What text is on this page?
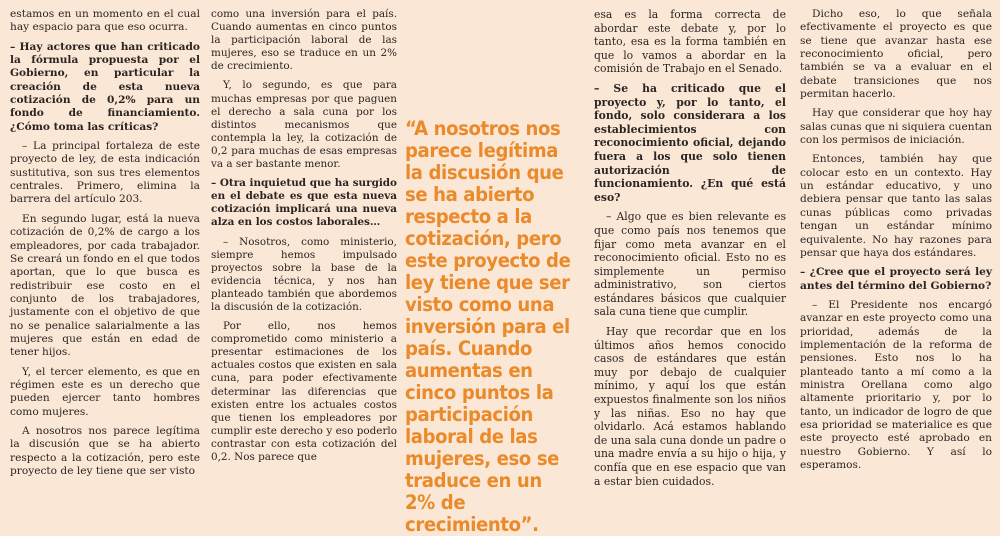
estamos en un momento en el cual hay espacio para que eso ocurra.

– Hay actores que han criticado la fórmula propuesta por el Gobierno, en particular la creación de esta nueva cotización de 0,2% para un fondo de financiamiento. ¿Cómo toma las críticas?

– La principal fortaleza de este proyecto de ley, de esta indicación sustitutiva, son sus tres elementos centrales. Primero, elimina la barrera del artículo 203.

En segundo lugar, está la nueva cotización de 0,2% de cargo a los empleadores, por cada trabajador. Se creará un fondo en el que todos aportan, que lo que busca es redistribuir ese costo en el conjunto de los trabajadores, justamente con el objetivo de que no se penalice salarialmente a las mujeres que están en edad de tener hijos.

Y, el tercer elemento, es que en régimen este es un derecho que pueden ejercer tanto hombres como mujeres.

A nosotros nos parece legítima la discusión que se ha abierto respecto a la cotización, pero este proyecto de ley tiene que ser visto

como una inversión para el país. Cuando aumentas en cinco puntos la participación laboral de las mujeres, eso se traduce en un 2% de crecimiento.

Y, lo segundo, es que para muchas empresas por que paguen el derecho a sala cuna por los distintos mecanismos que contempla la ley, la cotización de 0,2 para muchas de esas empresas va a ser bastante menor.

– Otra inquietud que ha surgido en el debate es que esta nueva cotización implicará una nueva alza en los costos laborales…

– Nosotros, como ministerio, siempre hemos impulsado proyectos sobre la base de la evidencia técnica, y nos han planteado también que abordemos la discusión de la cotización.

Por ello, nos hemos comprometido como ministerio a presentar estimaciones de los actuales costos que existen en sala cuna, para poder efectivamente determinar las diferencias que existen entre los actuales costos que tienen los empleadores por cumplir este derecho y eso poderlo contrastar con esta cotización del 0,2. Nos parece que

“A nosotros nos parece legítima la discusión que se ha abierto respecto a la cotización, pero este proyecto de ley tiene que ser visto como una inversión para el país. Cuando aumentas en cinco puntos la participación laboral de las mujeres, eso se traduce en un 2% de crecimiento”.

esa es la forma correcta de abordar este debate y, por lo tanto, esa es la forma también en que lo vamos a abordar en la comisión de Trabajo en el Senado.

– Se ha criticado que el proyecto y, por lo tanto, el fondo, solo considerara a los establecimientos con reconocimiento oficial, dejando fuera a los que solo tienen autorización de funcionamiento. ¿En qué está eso?

– Algo que es bien relevante es que como país nos tenemos que fijar como meta avanzar en el reconocimiento oficial. Esto no es simplemente un permiso administrativo, son ciertos estándares básicos que cualquier sala cuna tiene que cumplir.

Hay que recordar que en los últimos años hemos conocido casos de estándares que están muy por debajo de cualquier mínimo, y aquí los que están expuestos finalmente son los niños y las niñas. Eso no hay que olvidarlo. Acá estamos hablando de una sala cuna donde un padre o una madre envía a su hijo o hija, y confía que en ese espacio que van a estar bien cuidados.

Dicho eso, lo que señala efectivamente el proyecto es que se tiene que avanzar hasta ese reconocimiento oficial, pero también se va a evaluar en el debate transiciones que nos permitan hacerlo.

Hay que considerar que hoy hay salas cunas que ni siquiera cuentan con los permisos de iniciación.

Entonces, también hay que colocar esto en un contexto. Hay un estándar educativo, y uno debiera pensar que tanto las salas cunas públicas como privadas tengan un estándar mínimo equivalente. No hay razones para pensar que haya dos estándares.

– ¿Cree que el proyecto será ley antes del término del Gobierno?

– El Presidente nos encargó avanzar en este proyecto como una prioridad, además de la implementación de la reforma de pensiones. Esto nos lo ha planteado tanto a mí como a la ministra Orellana como algo altamente prioritario y, por lo tanto, un indicador de logro de que esa prioridad se materialice es que este proyecto esté aprobado en nuestro Gobierno. Y así lo esperamos.
